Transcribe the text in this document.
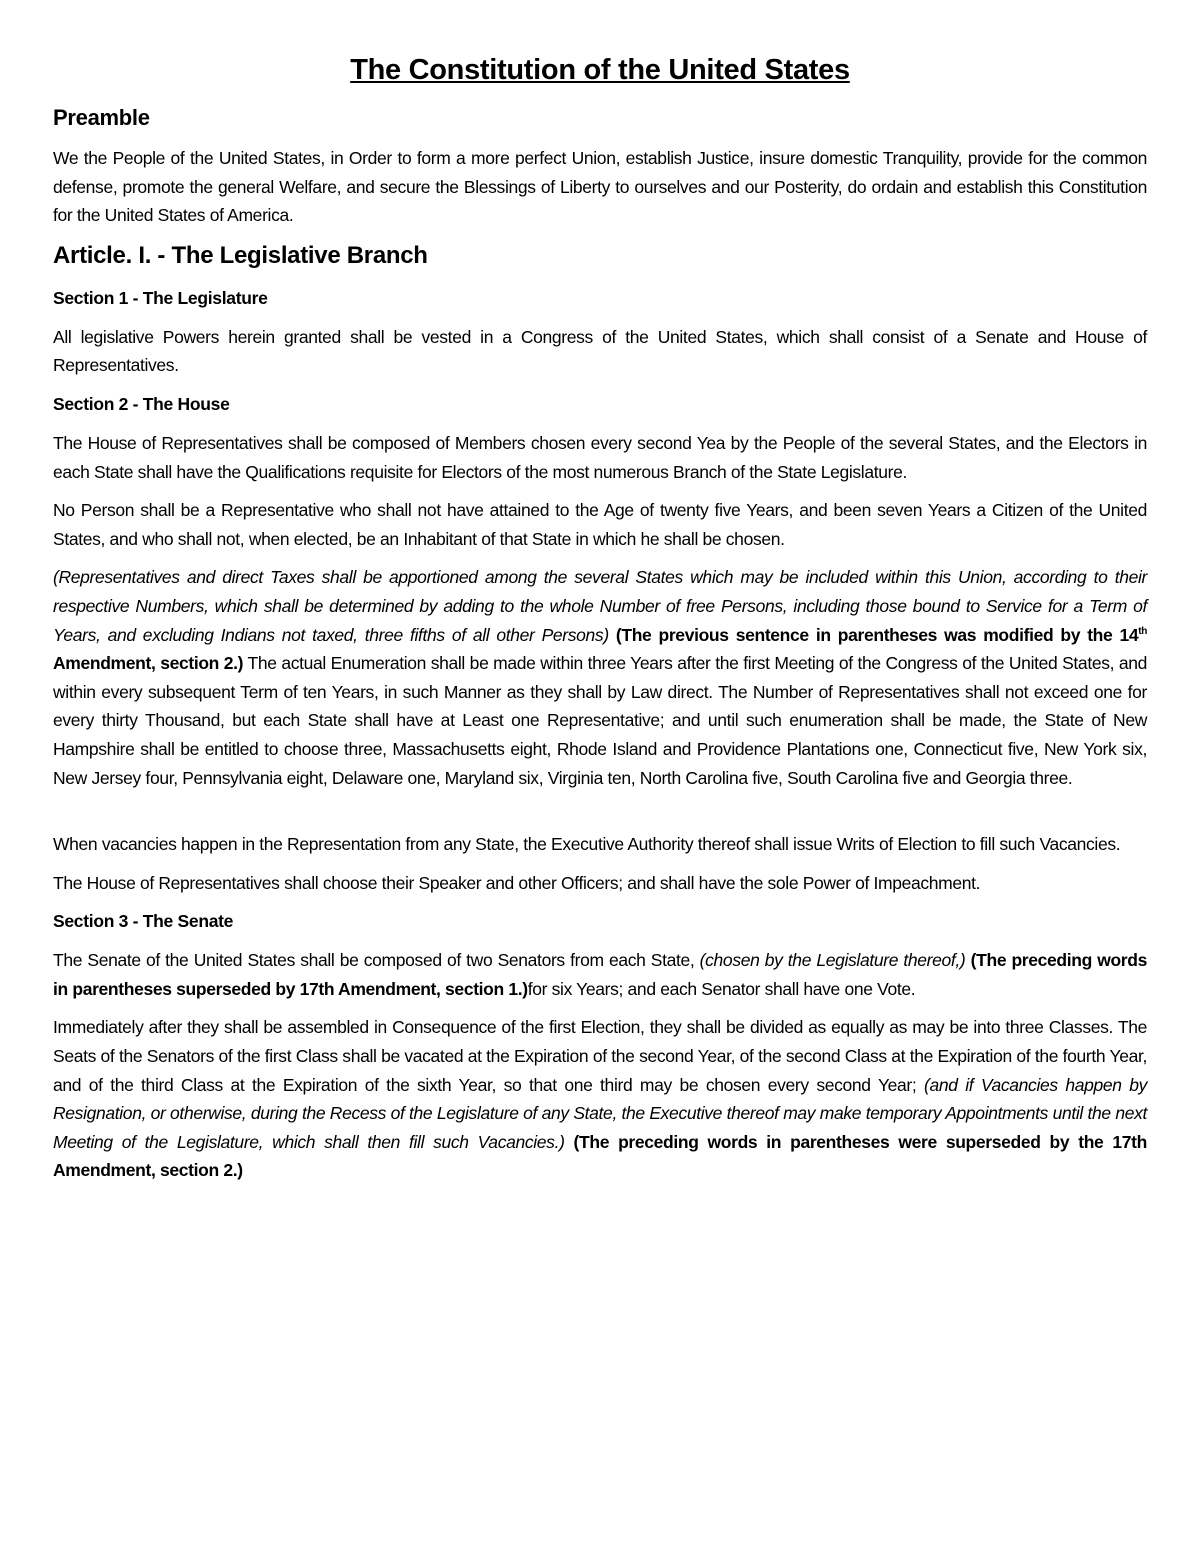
The Constitution of the United States
Preamble

We the People of the United States, in Order to form a more perfect Union, establish Justice, insure domestic Tranquility, provide for the common defense, promote the general Welfare, and secure the Blessings of Liberty to ourselves and our Posterity, do ordain and establish this Constitution for the United States of America.

Article. I. - The Legislative Branch
Section 1 - The Legislature

All legislative Powers herein granted shall be vested in a Congress of the United States, which shall consist of a Senate and House of Representatives.

Section 2 - The House

The House of Representatives shall be composed of Members chosen every second Yea by the People of the several States, and the Electors in each State shall have the Qualifications requisite for Electors of the most numerous Branch of the State Legislature.

No Person shall be a Representative who shall not have attained to the Age of twenty five Years, and been seven Years a Citizen of the United States, and who shall not, when elected, be an Inhabitant of that State in which he shall be chosen.

(Representatives and direct Taxes shall be apportioned among the several States which may be included within this Union, according to their respective Numbers, which shall be determined by adding to the whole Number of free Persons, including those bound to Service for a Term of Years, and excluding Indians not taxed, three fifths of all other Persons) (The previous sentence in parentheses was modified by the 14th Amendment, section 2.) The actual Enumeration shall be made within three Years after the first Meeting of the Congress of the United States, and within every subsequent Term of ten Years, in such Manner as they shall by Law direct. The Number of Representatives shall not exceed one for every thirty Thousand, but each State shall have at Least one Representative; and until such enumeration shall be made, the State of New Hampshire shall be entitled to choose three, Massachusetts eight, Rhode Island and Providence Plantations one, Connecticut five, New York six, New Jersey four, Pennsylvania eight, Delaware one, Maryland six, Virginia ten, North Carolina five, South Carolina five and Georgia three.

When vacancies happen in the Representation from any State, the Executive Authority thereof shall issue Writs of Election to fill such Vacancies.

The House of Representatives shall choose their Speaker and other Officers; and shall have the sole Power of Impeachment.

Section 3 - The Senate

The Senate of the United States shall be composed of two Senators from each State, (chosen by the Legislature thereof,) (The preceding words in parentheses superseded by 17th Amendment, section 1.)for six Years; and each Senator shall have one Vote.

Immediately after they shall be assembled in Consequence of the first Election, they shall be divided as equally as may be into three Classes. The Seats of the Senators of the first Class shall be vacated at the Expiration of the second Year, of the second Class at the Expiration of the fourth Year, and of the third Class at the Expiration of the sixth Year, so that one third may be chosen every second Year; (and if Vacancies happen by Resignation, or otherwise, during the Recess of the Legislature of any State, the Executive thereof may make temporary Appointments until the next Meeting of the Legislature, which shall then fill such Vacancies.) (The preceding words in parentheses were superseded by the 17th Amendment, section 2.)
